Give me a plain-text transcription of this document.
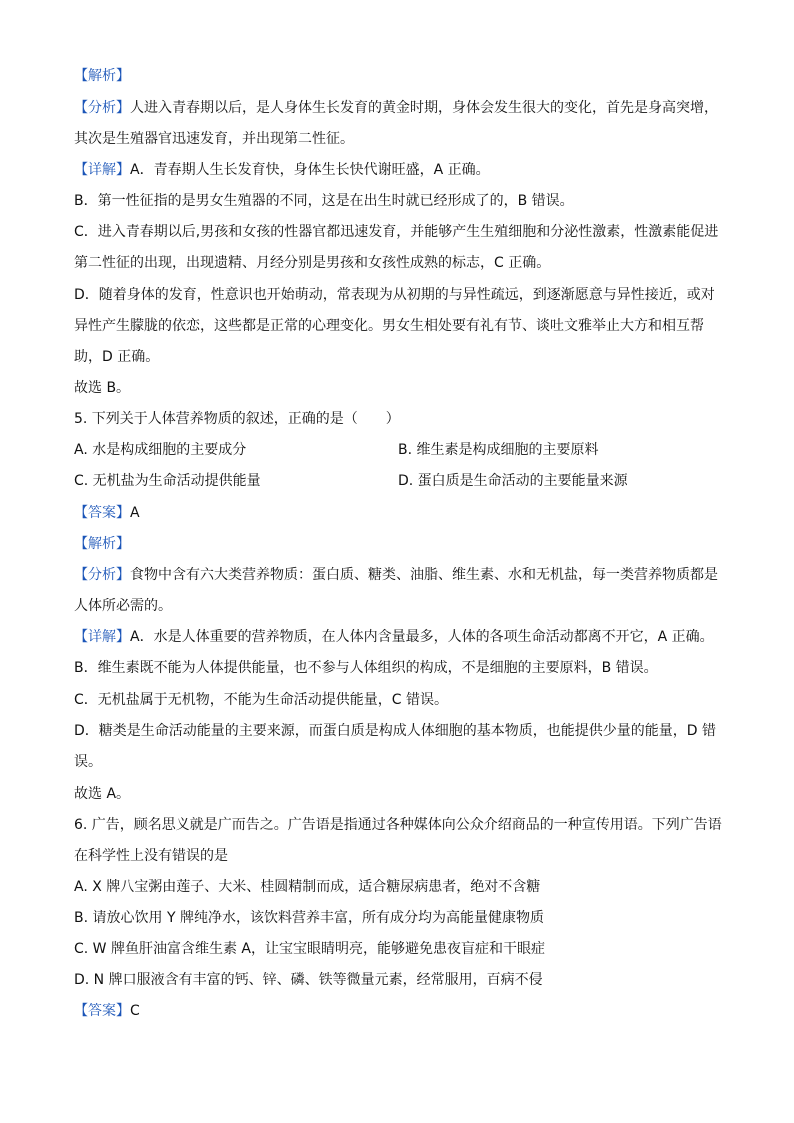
【解析】
【分析】人进入青春期以后，是人身体生长发育的黄金时期，身体会发生很大的变化，首先是身高突增，
其次是生殖器官迅速发育，并出现第二性征。
【详解】A．青春期人生长发育快，身体生长快代谢旺盛，A 正确。
B．第一性征指的是男女生殖器的不同，这是在出生时就已经形成了的，B 错误。
C．进入青春期以后,男孩和女孩的性器官都迅速发育，并能够产生生殖细胞和分泌性激素，性激素能促进
第二性征的出现，出现遗精、月经分别是男孩和女孩性成熟的标志，C 正确。
D．随着身体的发育，性意识也开始萌动，常表现为从初期的与异性疏远，到逐渐愿意与异性接近，或对
异性产生朦胧的依恋，这些都是正常的心理变化。男女生相处要有礼有节、谈吐文雅举止大方和相互帮
助，D 正确。
故选 B。
5. 下列关于人体营养物质的叙述，正确的是（　　）
A. 水是构成细胞的主要成分	B. 维生素是构成细胞的主要原料
C. 无机盐为生命活动提供能量	D. 蛋白质是生命活动的主要能量来源
【答案】A
【解析】
【分析】食物中含有六大类营养物质：蛋白质、糖类、油脂、维生素、水和无机盐，每一类营养物质都是
人体所必需的。
【详解】A．水是人体重要的营养物质，在人体内含量最多，人体的各项生命活动都离不开它，A 正确。
B．维生素既不能为人体提供能量，也不参与人体组织的构成，不是细胞的主要原料，B 错误。
C．无机盐属于无机物，不能为生命活动提供能量，C 错误。
D．糖类是生命活动能量的主要来源，而蛋白质是构成人体细胞的基本物质，也能提供少量的能量，D 错
误。
故选 A。
6. 广告，顾名思义就是广而告之。广告语是指通过各种媒体向公众介绍商品的一种宣传用语。下列广告语
在科学性上没有错误的是
A. X 牌八宝粥由莲子、大米、桂圆精制而成，适合糖尿病患者，绝对不含糖
B. 请放心饮用 Y 牌纯净水，该饮料营养丰富，所有成分均为高能量健康物质
C. W 牌鱼肝油富含维生素 A，让宝宝眼睛明亮，能够避免患夜盲症和干眼症
D. N 牌口服液含有丰富的钙、锌、磷、铁等微量元素，经常服用，百病不侵
【答案】C
